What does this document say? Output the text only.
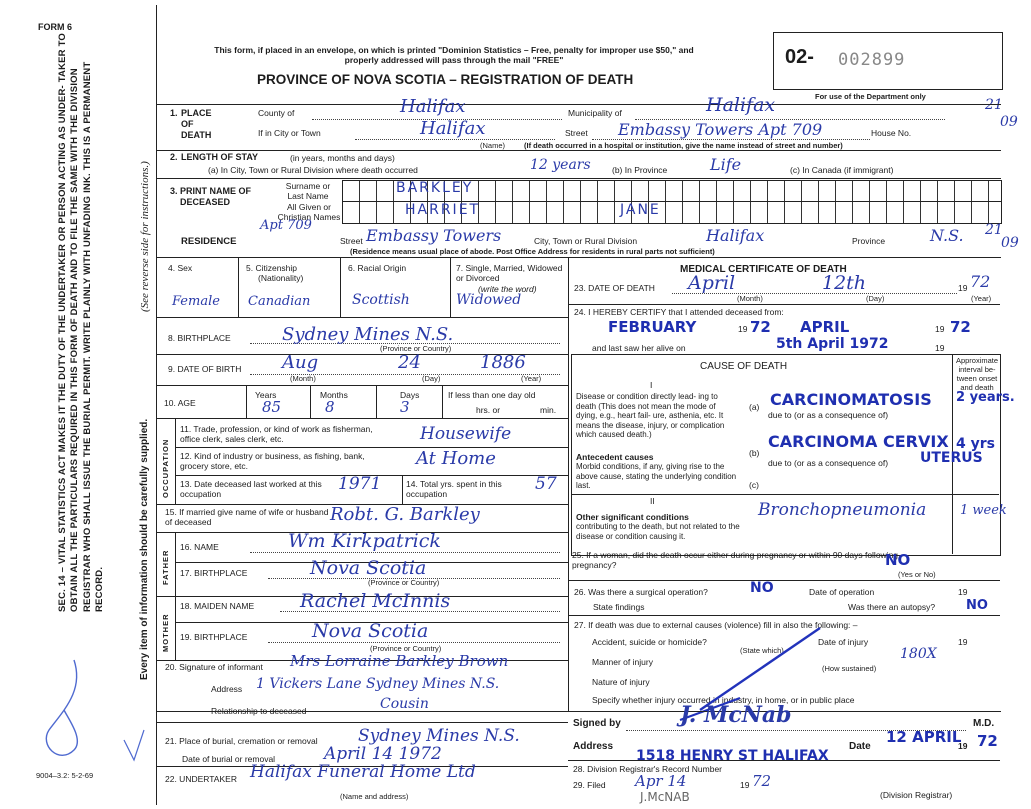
FORM 6
SEC. 14 – VITAL STATISTICS ACT MAKES IT THE DUTY OF THE UNDERTAKER OR PERSON ACTING AS UNDER- TAKER TO OBTAIN ALL THE PARTICULARS REQUIRED IN THIS FORM OF DEATH AND TO FILE THE SAME WITH THE DIVISION REGISTRAR WHO SHALL ISSUE THE BURIAL PERMIT. WRITE PLAINLY WITH UNFADING INK. THIS IS A PERMANENT RECORD.
(See reverse side for instructions.)
Every item of information should be carefully supplied.
9004–3.2: 5-2-69
This form, if placed in an envelope, on which is printed "Dominion Statistics – Free, penalty for improper use $50," and properly addressed will pass through the mail "FREE"
PROVINCE OF NOVA SCOTIA – REGISTRATION OF DEATH
02- 002899
For use of the Department only
21
09
1. PLACE OF DEATH
County of	Halifax	Municipality of	Halifax
If in City or Town	Halifax
(Name)
Street Embassy Towers Apt 709	House No.
(If death occurred in a hospital or institution, give the name instead of street and number)
2. LENGTH OF STAY	(in years, months and days)
(a) In City, Town or Rural Division where death occurred	12 years	(b) In Province	Life	(c) In Canada (if immigrant)
3. PRINT NAME OF DECEASED
Surname or Last Name
All Given or Christian Names
BARKLEY
HARRIET	JANE
RESIDENCE
Apt 709
Street Embassy Towers	City, Town or Rural Division	Halifax	Province	N.S. 21
09
(Residence means usual place of abode. Post Office Address for residents in rural parts not sufficient)
4. Sex	5. Citizenship
(Nationality)
6. Racial Origin	7. Single, Married, Widowed or Divorced
(write the word)
Female Canadian	Scottish	Widowed
8. BIRTHPLACE	Sydney Mines N.S.
(Province or Country)
9. DATE OF BIRTH Aug	24	1886
(Month)	(Day)	(Year)
10. AGE
Years	Months	Days	If less than one day old
hrs. or	min.
85	8	3
OCCUPATION
11. Trade, profession, or kind of work as fisherman, office clerk, sales clerk, etc.	Housewife
12. Kind of industry or business, as fishing, bank, grocery store, etc.	At Home
13. Date deceased last worked at this occupation	1971	14. Total yrs. spent in this occupation	57
15. If married give name of wife or husband of deceased	Robt. G. Barkley
FATHER
16. NAME	Wm Kirkpatrick
17. BIRTHPLACE	Nova Scotia
(Province or Country)
MOTHER
18. MAIDEN NAME Rachel McInnis
19. BIRTHPLACE	Nova Scotia
(Province or Country)
20. Signature of informant Mrs Lorraine Barkley Brown
Address 1 Vickers Lane Sydney Mines N.S.
Relationship to deceased	Cousin
21. Place of burial, cremation or removal Sydney Mines N.S.
Date of burial or removal	April 14 1972
22. UNDERTAKER Halifax Funeral Home Ltd
(Name and address)
MEDICAL CERTIFICATE OF DEATH
23. DATE OF DEATH April	12th	19 72
(Month)	(Day)	(Year)
24. I HEREBY CERTIFY that I attended deceased from:
FEBRUARY	19 72 APRIL	19 72
and last saw her alive on	5th April 1972	19
CAUSE OF DEATH
Approximate interval be- tween onset and death
I
Disease or condition directly lead- ing to death (This does not mean the mode of dying, e.g., heart fail- ure, asthenia, etc. It means the disease, injury, or complication which caused death.)
(a) CARCINOMATOSIS 2 years.
due to (or as a consequence of)
Antecedent causes
Morbid conditions, if any, giving rise to the above cause, stating the underlying condition last.
(b)
CARCINOMA CERVIX
UTERUS
4 yrs
due to (or as a consequence of)
(c)
II
Other significant conditions
contributing to the death, but not related to the disease or condition causing it.
Bronchopneumonia	1 week
25. If a woman, did the death occur either during pregnancy or within 90 days following pregnancy?	NO
(Yes or No)
26. Was there a surgical operation?	NO	Date of operation	19
State findings	Was there an autopsy? NO
27. If death was due to external causes (violence) fill in also the following: –
Accident, suicide or homicide?	Date of injury	19
(State which)
Manner of injury	180X
(How sustained)
Nature of injury
Specify whether injury occurred in industry, in home, or in public place
Signed by	J. McNab	M.D.
Address
1518 HENRY ST HALIFAX
Date
12 APRIL
19 72
28. Division Registrar's Record Number
29. Filed Apr 14	19 72
(Division Registrar)
J.McNAB
